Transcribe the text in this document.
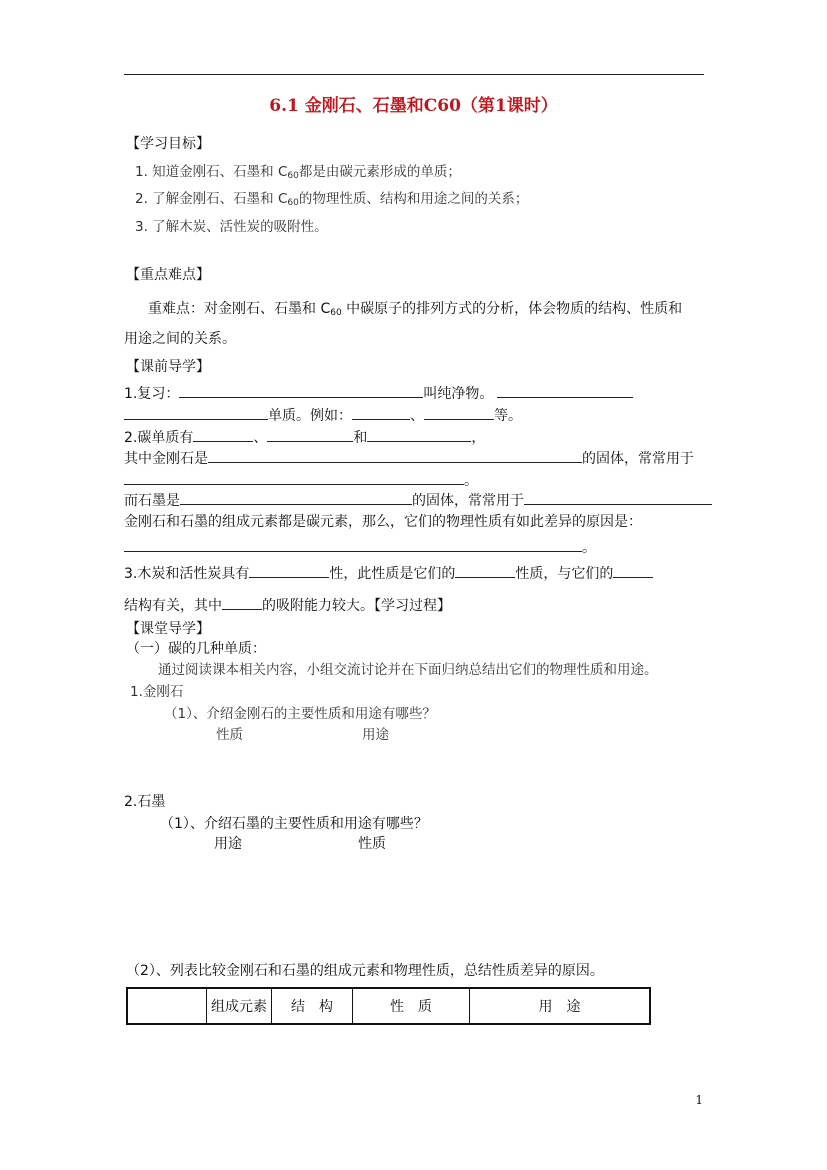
6.1 金刚石、石墨和C60（第1课时）
【学习目标】
1. 知道金刚石、石墨和 $C_{60}$都是由碳元素形成的单质；
2. 了解金刚石、石墨和 $C_{60}$的物理性质、结构和用途之间的关系；
3. 了解木炭、活性炭的吸附性。
【重点难点】
重难点：对金刚石、石墨和 $C_{60}$ 中碳原子的排列方式的分析，体会物质的结构、性质和
用途之间的关系。
【课前导学】
1.复习：	叫纯净物。
单质。例如：	、	等。
2.碳单质有	、	和	，
其中金刚石是	的固体，常常用于
。
而石墨是	的固体，常常用于
金刚石和石墨的组成元素都是碳元素，那么，它们的物理性质有如此差异的原因是：
。
3.木炭和活性炭具有	性，此性质是它们的	性质，与它们的
结构有关，其中	的吸附能力较大。【学习过程】
【课堂导学】
（一）碳的几种单质：
通过阅读课本相关内容，小组交流讨论并在下面归纳总结出它们的物理性质和用途。
1.金刚石
（1）、介绍金刚石的主要性质和用途有哪些？
性质	用途
2.石墨
（1）、介绍石墨的主要性质和用途有哪些？
用途	性质
（2）、列表比较金刚石和石墨的组成元素和物理性质，总结性质差异的原因。
	组成元素	结　构	性　质	用　途
1
